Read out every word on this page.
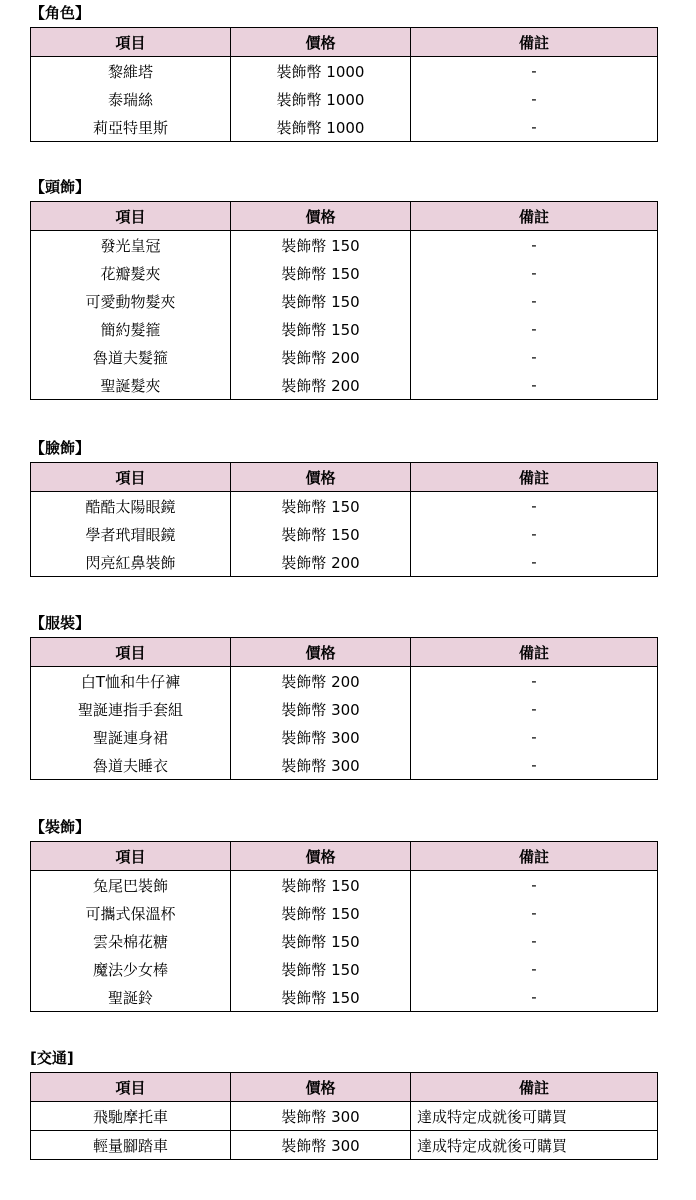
【角色】
項目	價格	備註
黎維塔	裝飾幣 1000	-
泰瑞絲	裝飾幣 1000	-
莉亞特里斯	裝飾幣 1000	-
【頭飾】
項目	價格	備註
發光皇冠	裝飾幣 150	-
花瓣髮夾	裝飾幣 150	-
可愛動物髮夾	裝飾幣 150	-
簡約髮箍	裝飾幣 150	-
魯道夫髮箍	裝飾幣 200	-
聖誕髮夾	裝飾幣 200	-
【臉飾】
項目	價格	備註
酷酷太陽眼鏡	裝飾幣 150	-
學者玳瑁眼鏡	裝飾幣 150	-
閃亮紅鼻裝飾	裝飾幣 200	-
【服裝】
項目	價格	備註
白T恤和牛仔褲	裝飾幣 200	-
聖誕連指手套組	裝飾幣 300	-
聖誕連身裙	裝飾幣 300	-
魯道夫睡衣	裝飾幣 300	-
【裝飾】
項目	價格	備註
兔尾巴裝飾	裝飾幣 150	-
可攜式保溫杯	裝飾幣 150	-
雲朵棉花糖	裝飾幣 150	-
魔法少女棒	裝飾幣 150	-
聖誕鈴	裝飾幣 150	-
[交通]
項目	價格	備註
飛馳摩托車	裝飾幣 300	達成特定成就後可購買
輕量腳踏車	裝飾幣 300	達成特定成就後可購買
